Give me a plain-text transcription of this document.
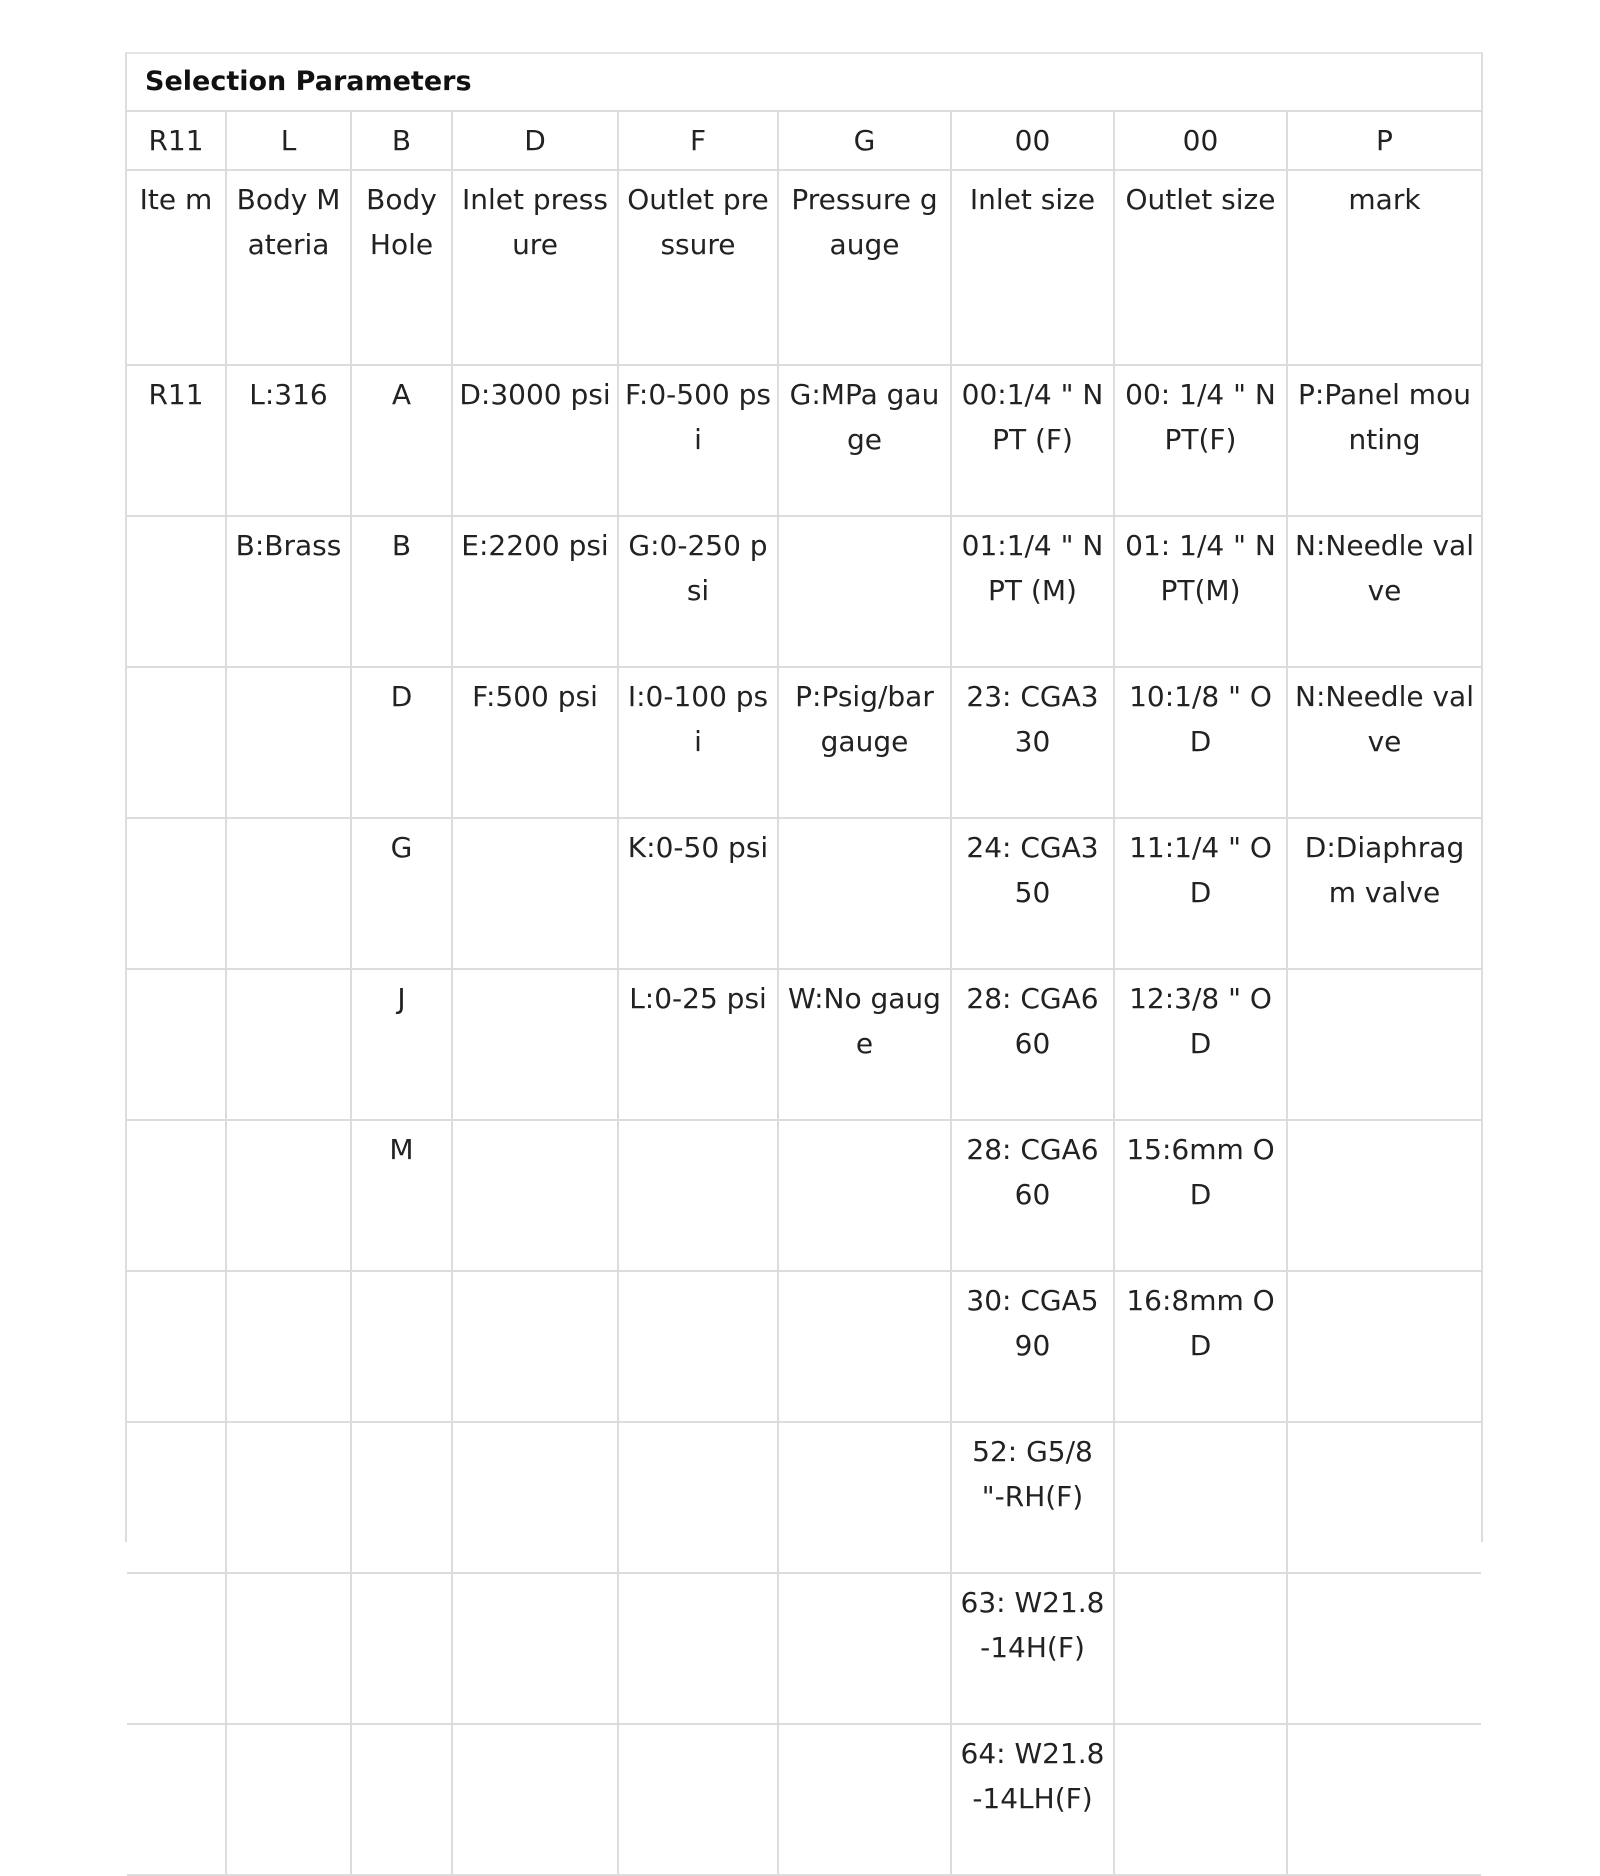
Selection Parameters
R11	L	B	D	F	G	00	00	P
Ite m	Body Materia	Body Hole	Inlet pressure	Outlet pressure	Pressure gauge	Inlet size	Outlet size	mark
R11	L:316	A	D:3000 psi	F:0-500 psi	G:MPa gauge	00:1/4 " NPT (F)	00: 1/4 " NPT(F)	P:Panel mounting
	B:Brass	B	E:2200 psi	G:0-250 psi		01:1/4 " NPT (M)	01: 1/4 " NPT(M)	N:Needle valve
		D	F:500 psi	I:0-100 psi	P:Psig/bar gauge	23: CGA330	10:1/8 " OD	N:Needle valve
		G		K:0-50 psi		24: CGA350	11:1/4 " OD	D:Diaphragm valve
		J		L:0-25 psi	W:No gauge	28: CGA660	12:3/8 " OD	
		M				28: CGA660	15:6mm OD	
						30: CGA590	16:8mm OD	
						52: G5/8 "-RH(F)		
						63: W21.8-14H(F)		
						64: W21.8-14LH(F)		
